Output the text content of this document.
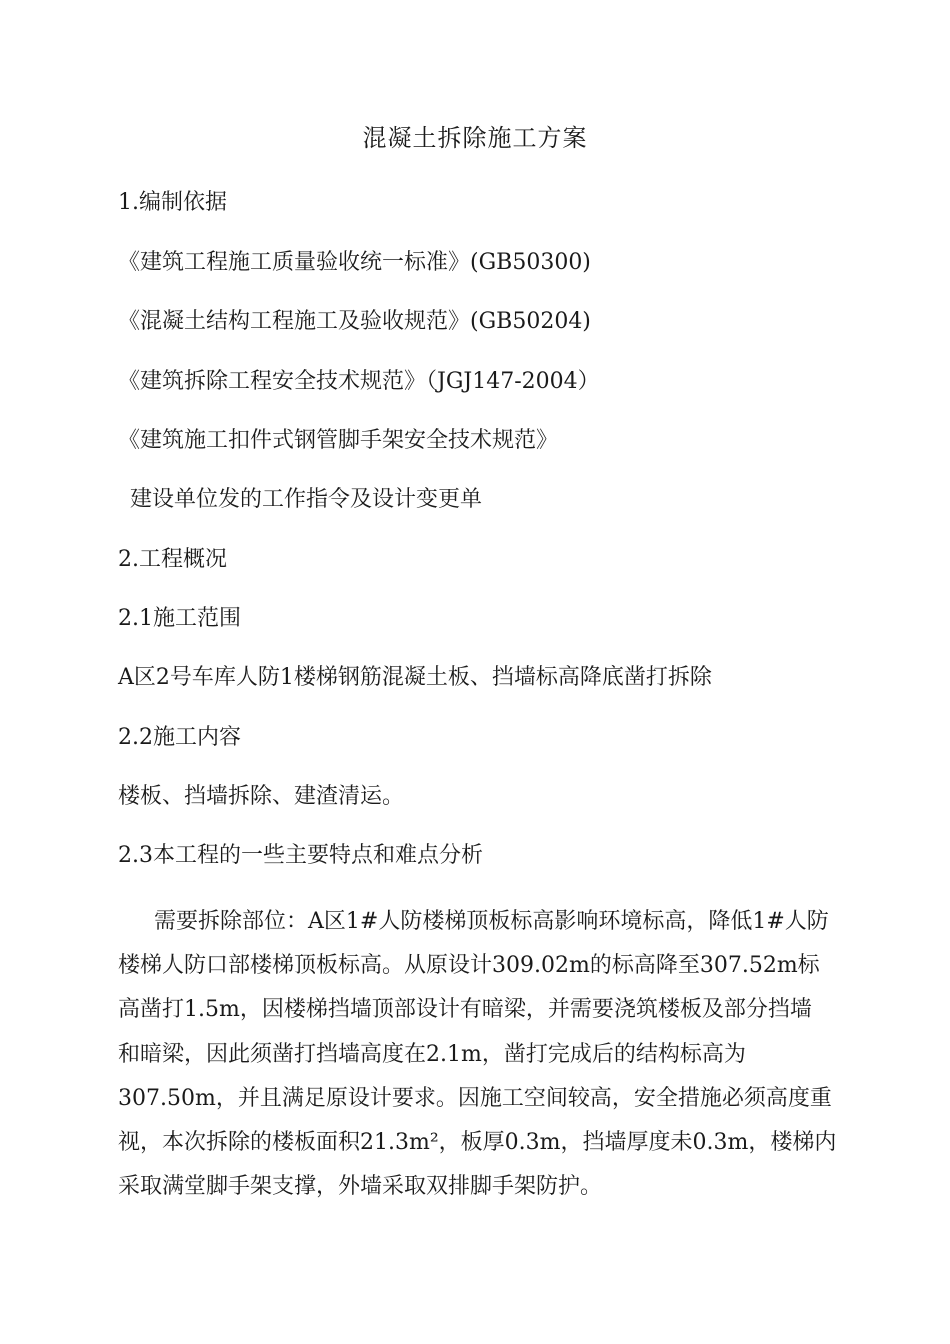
混凝土拆除施工方案
1.编制依据
《建筑工程施工质量验收统一标准》(GB50300)
《混凝土结构工程施工及验收规范》(GB50204)
《建筑拆除工程安全技术规范》（JGJ147-2004）
《建筑施工扣件式钢管脚手架安全技术规范》
建设单位发的工作指令及设计变更单
2.工程概况
2.1施工范围
A区2号车库人防1楼梯钢筋混凝土板、挡墙标高降底凿打拆除
2.2施工内容
楼板、挡墙拆除、建渣清运。
2.3本工程的一些主要特点和难点分析
需要拆除部位：A区1#人防楼梯顶板标高影响环境标高，降低1#人防
楼梯人防口部楼梯顶板标高。从原设计309.02m的标高降至307.52m标
高凿打1.5m，因楼梯挡墙顶部设计有暗梁，并需要浇筑楼板及部分挡墙
和暗梁，因此须凿打挡墙高度在2.1m，凿打完成后的结构标高为
307.50m，并且满足原设计要求。因施工空间较高，安全措施必须高度重
视，本次拆除的楼板面积21.3m²，板厚0.3m，挡墙厚度未0.3m，楼梯内
采取满堂脚手架支撑，外墙采取双排脚手架防护。
